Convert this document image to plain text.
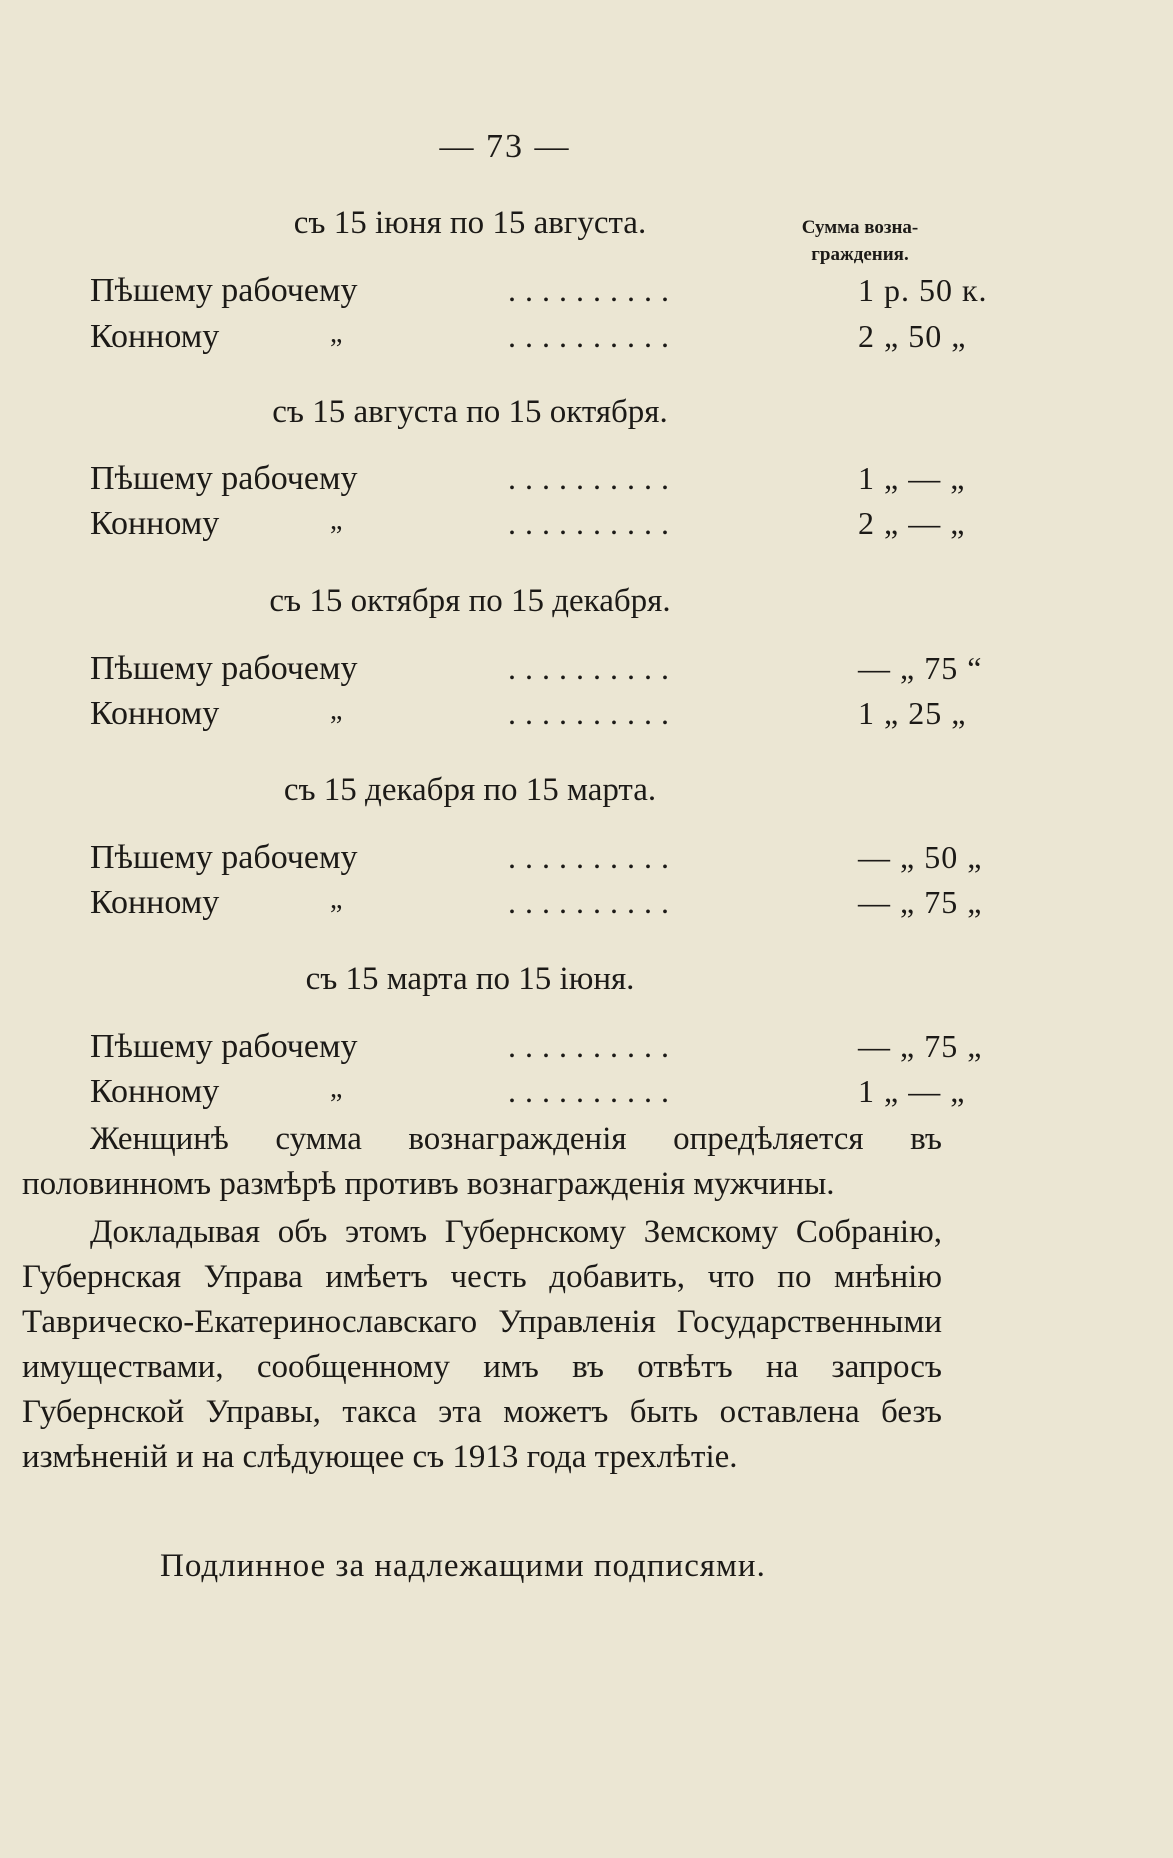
— 73 —
Сумма возна-граждения.
съ 15 іюня по 15 августа.
Пѣшему рабочему	..........	1 р. 50 к.
Конному	„	..........	2 „ 50 „
съ 15 августа по 15 октября.
Пѣшему рабочему	..........	1 „ — „
Конному	„	..........	2 „ — „
съ 15 октября по 15 декабря.
Пѣшему рабочему	..........	— „ 75 “
Конному	„	..........	1 „ 25 „
съ 15 декабря по 15 марта.
Пѣшему рабочему	..........	— „ 50 „
Конному	„	..........	— „ 75 „
съ 15 марта по 15 іюня.
Пѣшему рабочему	..........	— „ 75 „
Конному	„	..........	1 „ — „
Женщинѣ сумма вознагражденія опредѣляется въ половинномъ размѣрѣ противъ вознагражденія мужчины.
Докладывая объ этомъ Губернскому Земскому Собранію, Губернская Управа имѣетъ честь добавить, что по мнѣнію Таврическо-Екатеринославскаго Управленія Государственными имуществами, сообщенному имъ въ отвѣтъ на запросъ Губернской Управы, такса эта можетъ быть оставлена безъ измѣненій и на слѣдующее съ 1913 года трехлѣтіе.
Подлинное за надлежащими подписями.
